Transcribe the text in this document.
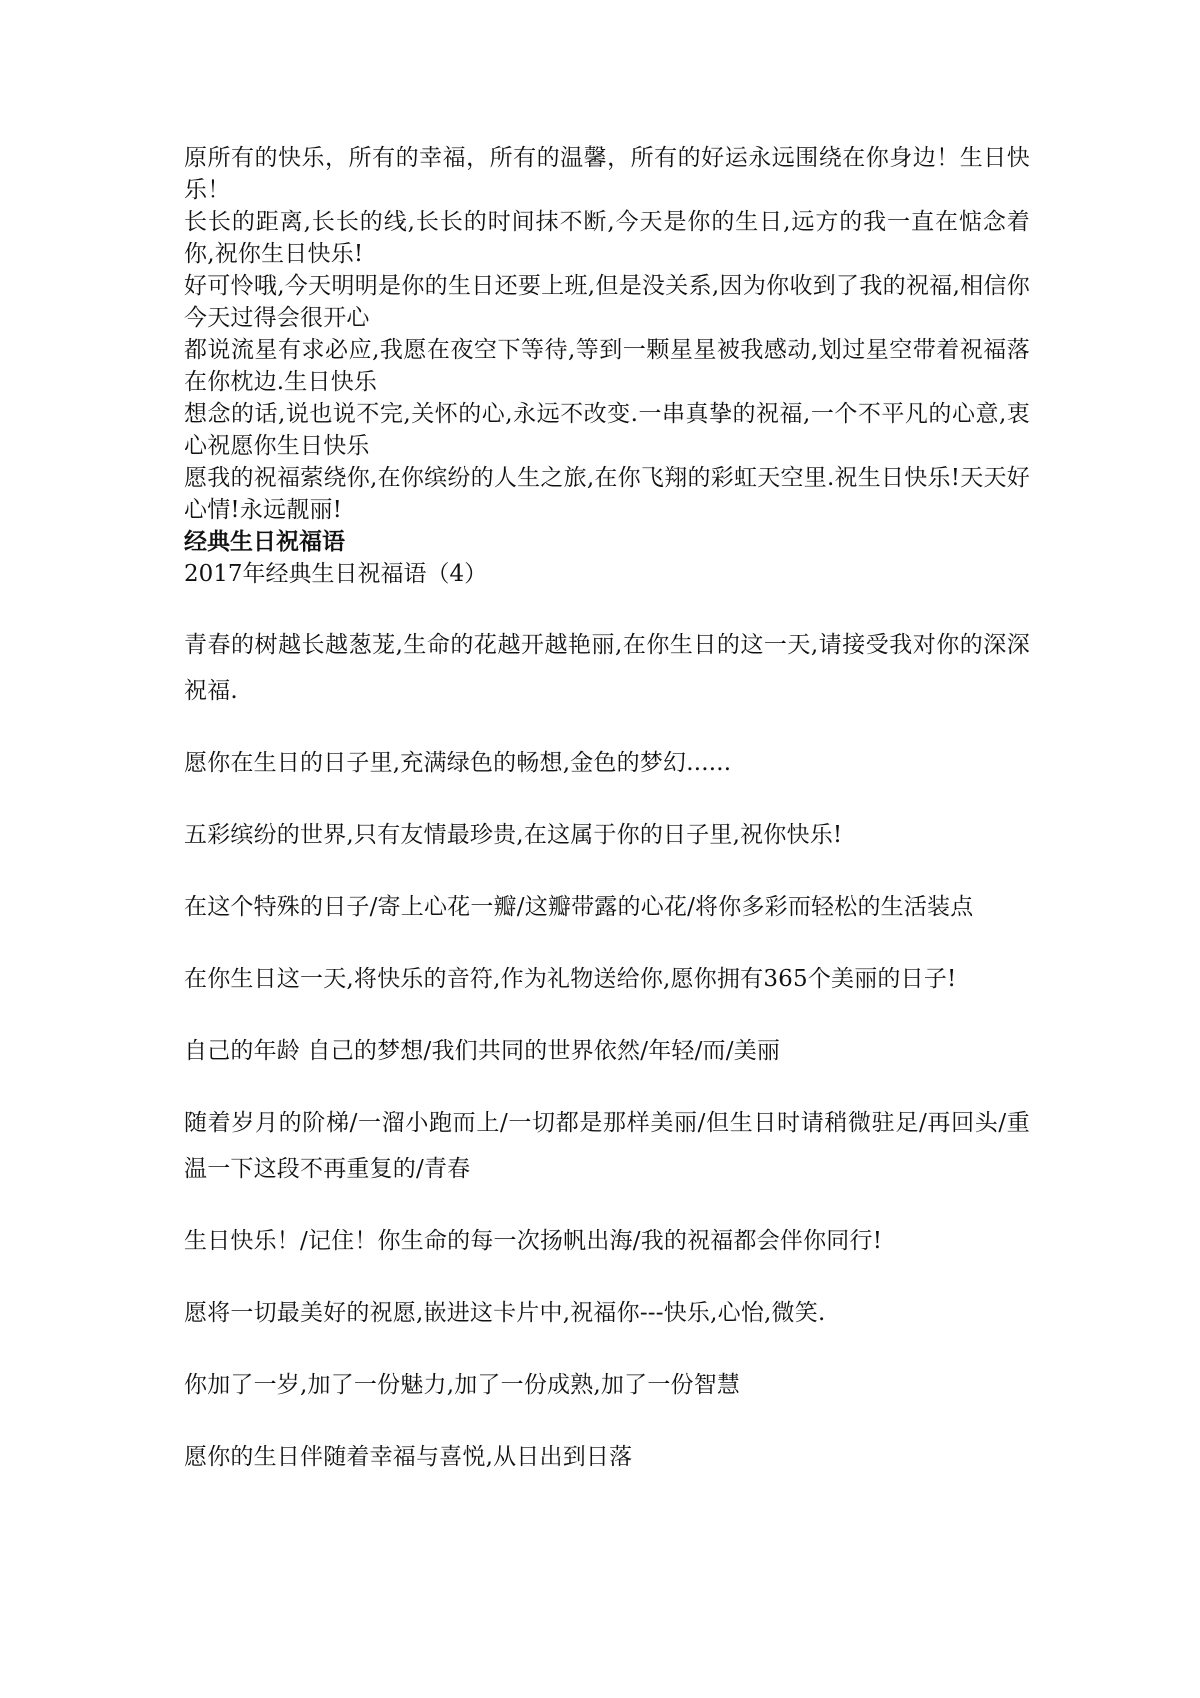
原所有的快乐，所有的幸福，所有的温馨，所有的好运永远围绕在你身边！生日快乐！

长长的距离,长长的线,长长的时间抹不断,今天是你的生日,远方的我一直在惦念着你,祝你生日快乐!

好可怜哦,今天明明是你的生日还要上班,但是没关系,因为你收到了我的祝福,相信你今天过得会很开心

都说流星有求必应,我愿在夜空下等待,等到一颗星星被我感动,划过星空带着祝福落在你枕边.生日快乐

想念的话,说也说不完,关怀的心,永远不改变.一串真挚的祝福,一个不平凡的心意,衷心祝愿你生日快乐

愿我的祝福萦绕你,在你缤纷的人生之旅,在你飞翔的彩虹天空里.祝生日快乐!天天好心情!永远靓丽!

经典生日祝福语

2017年经典生日祝福语（4）

青春的树越长越葱茏,生命的花越开越艳丽,在你生日的这一天,请接受我对你的深深祝福.

愿你在生日的日子里,充满绿色的畅想,金色的梦幻......

五彩缤纷的世界,只有友情最珍贵,在这属于你的日子里,祝你快乐!

在这个特殊的日子/寄上心花一瓣/这瓣带露的心花/将你多彩而轻松的生活装点

在你生日这一天,将快乐的音符,作为礼物送给你,愿你拥有365个美丽的日子!

自己的年龄 自己的梦想/我们共同的世界依然/年轻/而/美丽

随着岁月的阶梯/一溜小跑而上/一切都是那样美丽/但生日时请稍微驻足/再回头/重温一下这段不再重复的/青春

生日快乐！/记住！你生命的每一次扬帆出海/我的祝福都会伴你同行!

愿将一切最美好的祝愿,嵌进这卡片中,祝福你---快乐,心怡,微笑.

你加了一岁,加了一份魅力,加了一份成熟,加了一份智慧

愿你的生日伴随着幸福与喜悦,从日出到日落
